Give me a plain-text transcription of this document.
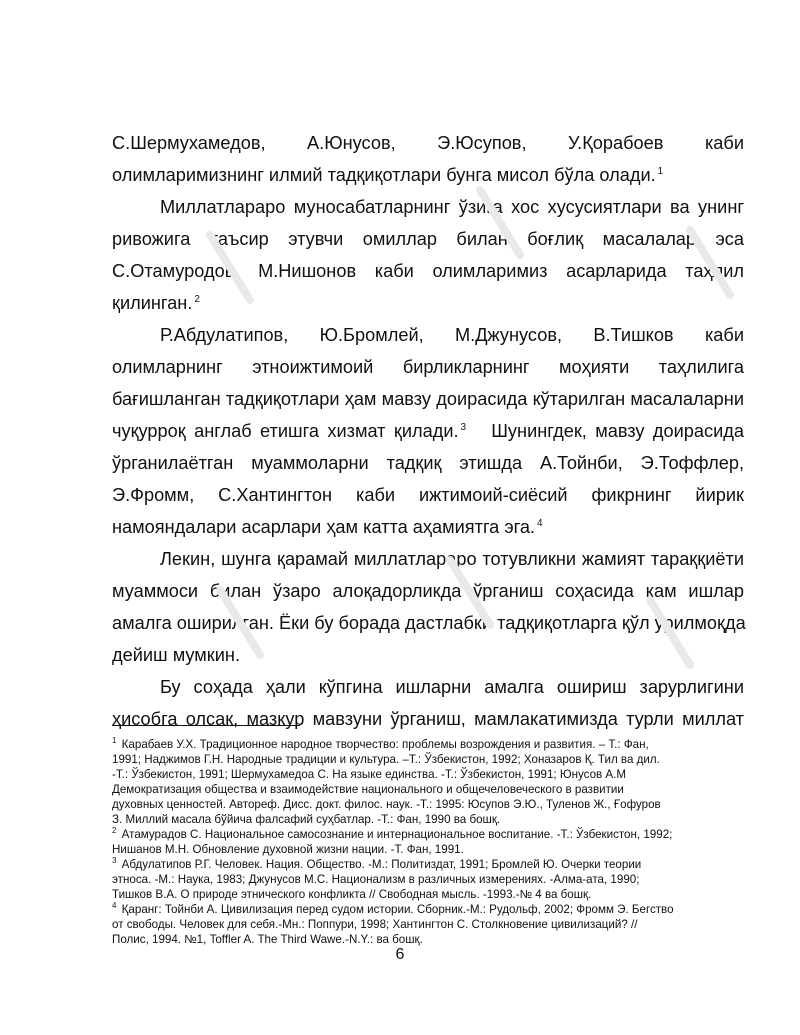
С.Шермухамедов, А.Юнусов, Э.Юсупов, У.Қорабоев каби
олимларимизнинг илмий тадқиқотлари бунга мисол бўла олади. $^1$
Миллатлараро муносабатларнинг ўзига хос хусусиятлари ва унинг
ривожига таъсир этувчи омиллар билан боғлиқ масалалар эса
С.Отамуродов, М.Нишонов каби олимларимиз асарларида таҳлил
қилинган. $^2$
Р.Абдулатипов, Ю.Бромлей, М.Джунусов, В.Тишков каби
олимларнинг этноижтимоий бирликларнинг моҳияти таҳлилига
бағишланган тадқиқотлари ҳам мавзу доирасида кўтарилган масалаларни
чуқурроқ англаб етишга хизмат қилади. $^3$   Шунингдек, мавзу доирасида
ўрганилаётган муаммоларни тадқиқ этишда А.Тойнби, Э.Тоффлер,
Э.Фромм, С.Хантингтон каби ижтимоий-сиёсий фикрнинг йирик
намояндалари асарлари ҳам катта аҳамиятга эга. $^4$
Лекин, шунга қарамай миллатлараро тотувликни жамият тараққиёти
муаммоси билан ўзаро алоқадорликда ўрганиш соҳасида кам ишлар
амалга оширилган. Ёки бу борада дастлабки тадқиқотларга қўл урилмоқда
дейиш мумкин.
Бу соҳада ҳали кўпгина ишларни амалга ошириш зарурлигини
ҳисобга олсак, мазкур мавзуни ўрганиш, мамлакатимизда турли миллат
$^1$ Карабаев У.Х. Традиционное народное творчество: проблемы возрождения и развития. – Т.: Фан,
1991; Наджимов Г.Н. Народные традиции и культура. –Т.: Ўзбекистон, 1992; Хоназаров Қ. Тил ва дил.
-Т.: Ўзбекистон, 1991; Шермухамедоа С. На языке единства. -Т.: Ўзбекистон, 1991; Юнусов А.М
Демократизация общества и взаимодействие национального и общечеловеческого в развитии
духовных ценностей. Автореф. Дисс. докт. филос. наук. -Т.: 1995: Юсупов Э.Ю., Туленов Ж., Ғофуров
З. Миллий масала бўйича фалсафий суҳбатлар. -Т.: Фан, 1990 ва бошқ.
$^2$ Атамурадов С. Национальное самосознание и интернациональное воспитание. -Т.: Ўзбекистон, 1992;
Нишанов М.Н. Обновление духовной жизни нации. -Т. Фан, 1991.
$^3$ Абдулатипов Р.Г. Человек. Нация. Общество. -М.: Политиздат, 1991; Бромлей Ю. Очерки теории
этноса. -М.: Наука, 1983; Джунусов М.С. Национализм в различных измерениях. -Алма-ата, 1990;
Тишков В.А. О природе этнического конфликта // Свободная мысль. -1993.-№ 4 ва бошқ.
$^4$ Қаранг: Тойнби А. Цивилизация перед судом истории. Сборник.-М.: Рудольф, 2002; Фромм Э. Бегство
от свободы. Человек для себя.-Мн.: Поппури, 1998; Хантингтон С. Столкновение цивилизаций? //
Полис, 1994. №1, Toffler A. The Third Wawe.-N.Y.: ва бошқ.
6
